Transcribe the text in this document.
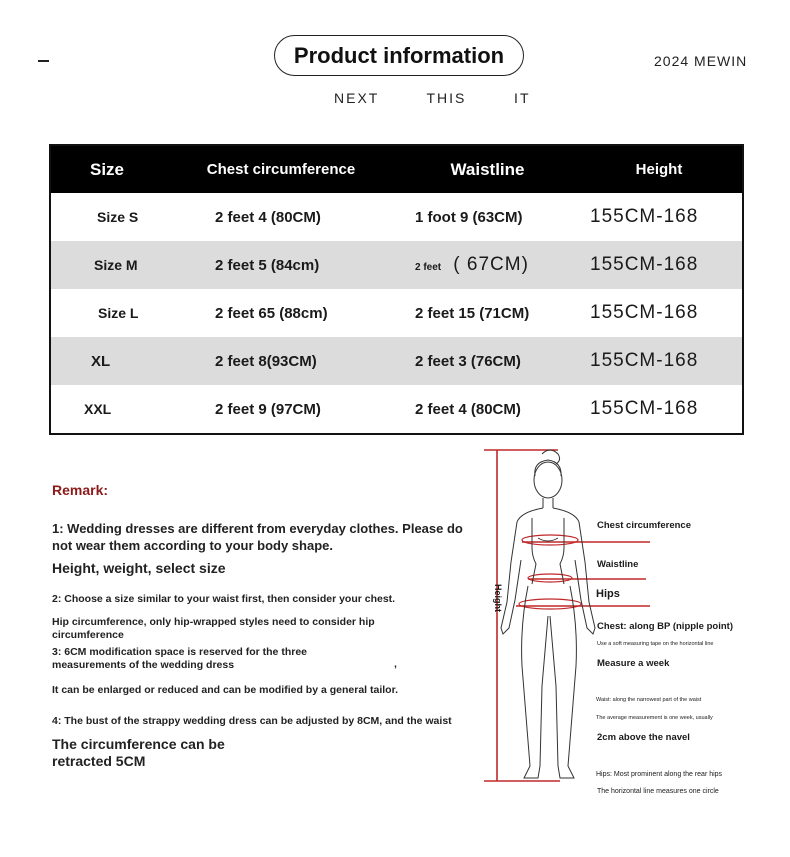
Product information
NEXT   THIS   IT
2024 MEWIN
Size	Chest circumference	Waistline	Height
Size S	2 feet 4 (80CM)	1 foot 9 (63CM)	155CM-168
Size M	2 feet 5 (84cm)	2 feet ( 67CM)	155CM-168
Size L	2 feet 65 (88cm)	2 feet 15 (71CM)	155CM-168
XL	2 feet 8(93CM)	2 feet 3 (76CM)	155CM-168
XXL	2 feet 9 (97CM)	2 feet 4 (80CM)	155CM-168
Remark:
1: Wedding dresses are different from everyday clothes. Please do not wear them according to your body shape.
Height, weight, select size
2: Choose a size similar to your waist first, then consider your chest.
Hip circumference, only hip-wrapped styles need to consider hip circumference
3: 6CM modification space is reserved for the three measurements of the wedding dress	,
It can be enlarged or reduced and can be modified by a general tailor.
4: The bust of the strappy wedding dress can be adjusted by 8CM, and the waist
The circumference can be retracted 5CM
Height
Chest circumference
Waistline
Hips
Chest: along BP (nipple point)
Use a soft measuring tape on the horizontal line
Measure a week
Waist: along the narrowest part of the waist
The average measurement is one week, usually
2cm above the navel
Hips: Most prominent along the rear hips
The horizontal line measures one circle
